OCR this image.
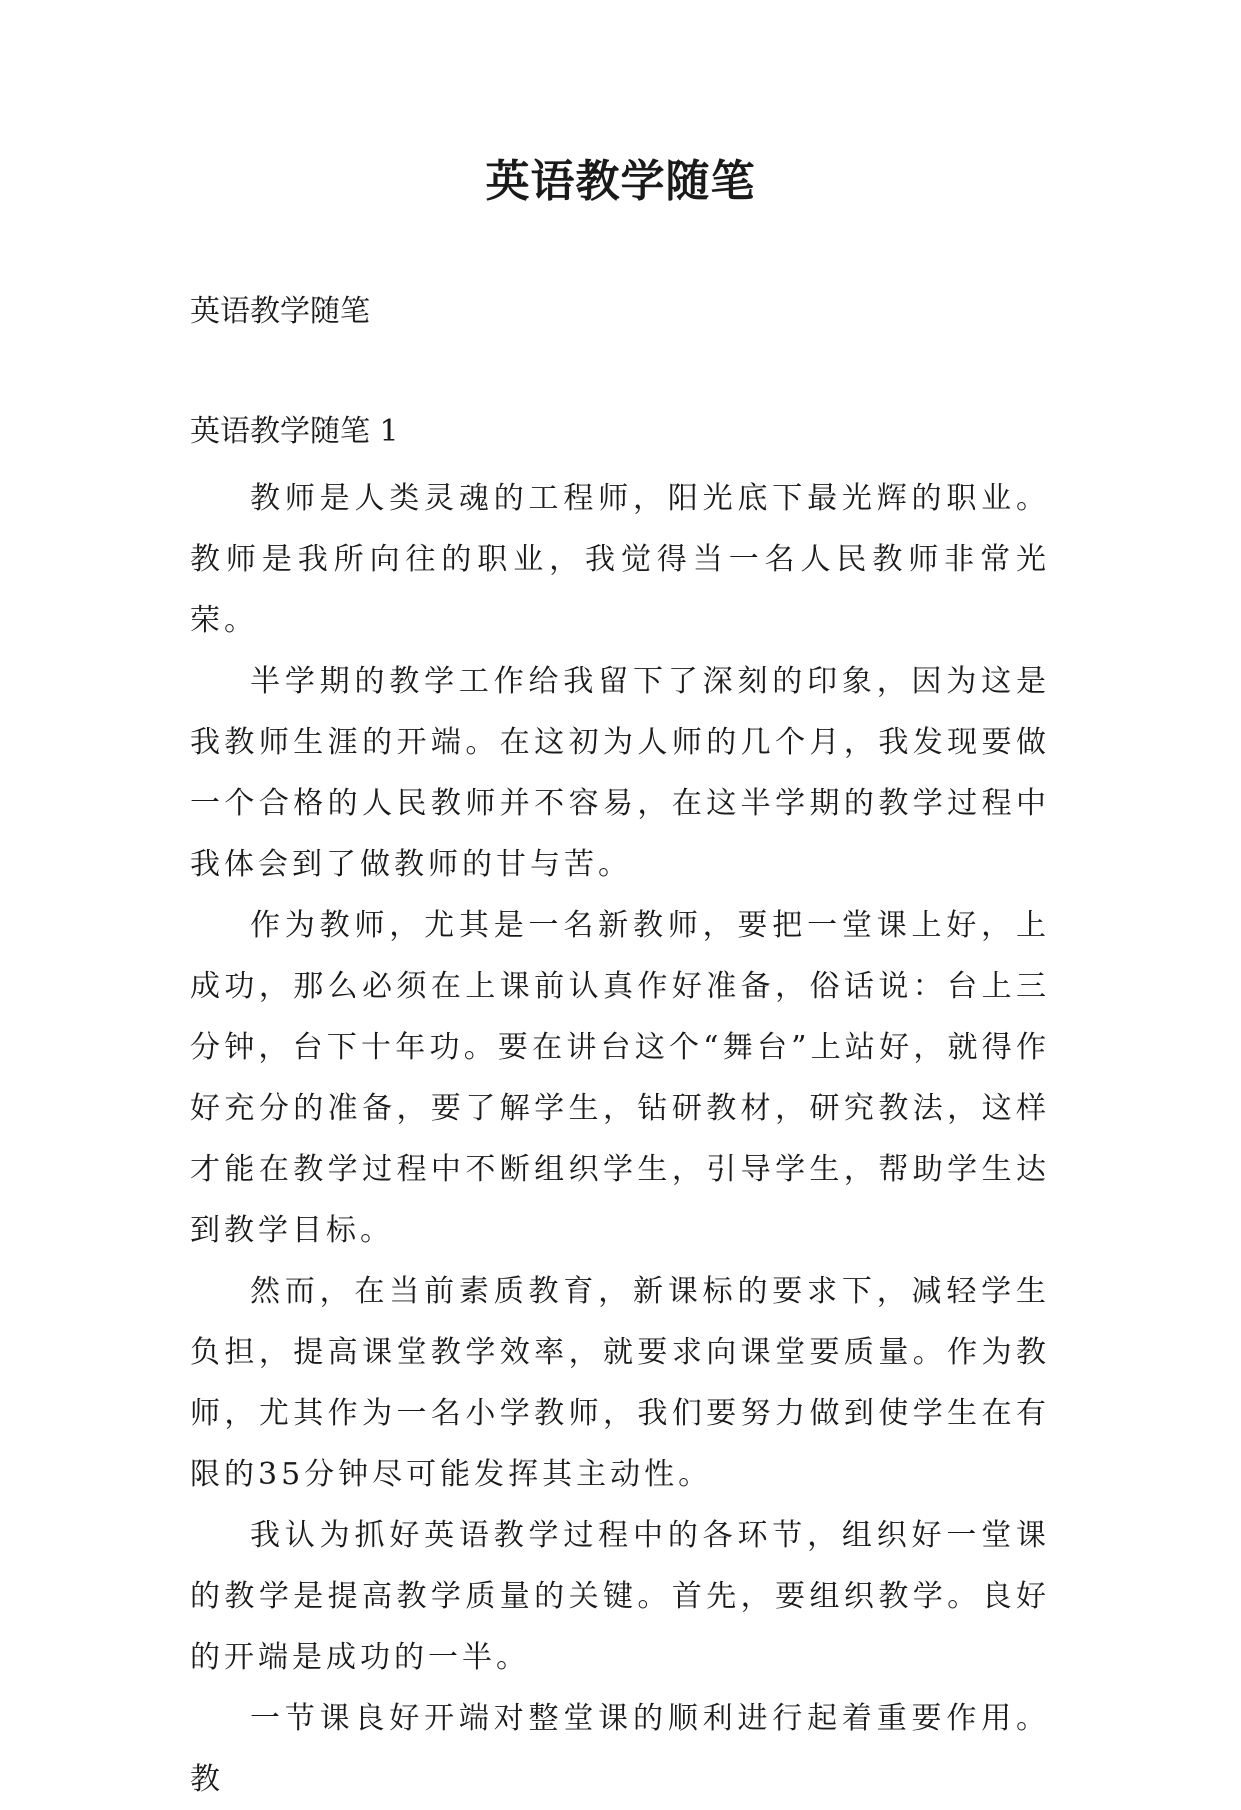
英语教学随笔

英语教学随笔

英语教学随笔 1

教师是人类灵魂的工程师，阳光底下最光辉的职业。教师是我所向往的职业，我觉得当一名人民教师非常光荣。

半学期的教学工作给我留下了深刻的印象，因为这是我教师生涯的开端。在这初为人师的几个月，我发现要做一个合格的人民教师并不容易，在这半学期的教学过程中我体会到了做教师的甘与苦。

作为教师，尤其是一名新教师，要把一堂课上好，上成功，那么必须在上课前认真作好准备，俗话说：台上三分钟，台下十年功。要在讲台这个“舞台”上站好，就得作好充分的准备，要了解学生，钻研教材，研究教法，这样才能在教学过程中不断组织学生，引导学生，帮助学生达到教学目标。

然而，在当前素质教育，新课标的要求下，减轻学生负担，提高课堂教学效率，就要求向课堂要质量。作为教师，尤其作为一名小学教师，我们要努力做到使学生在有限的35分钟尽可能发挥其主动性。

我认为抓好英语教学过程中的各环节，组织好一堂课的教学是提高教学质量的关键。首先，要组织教学。良好的开端是成功的一半。

一节课良好开端对整堂课的顺利进行起着重要作用。教
